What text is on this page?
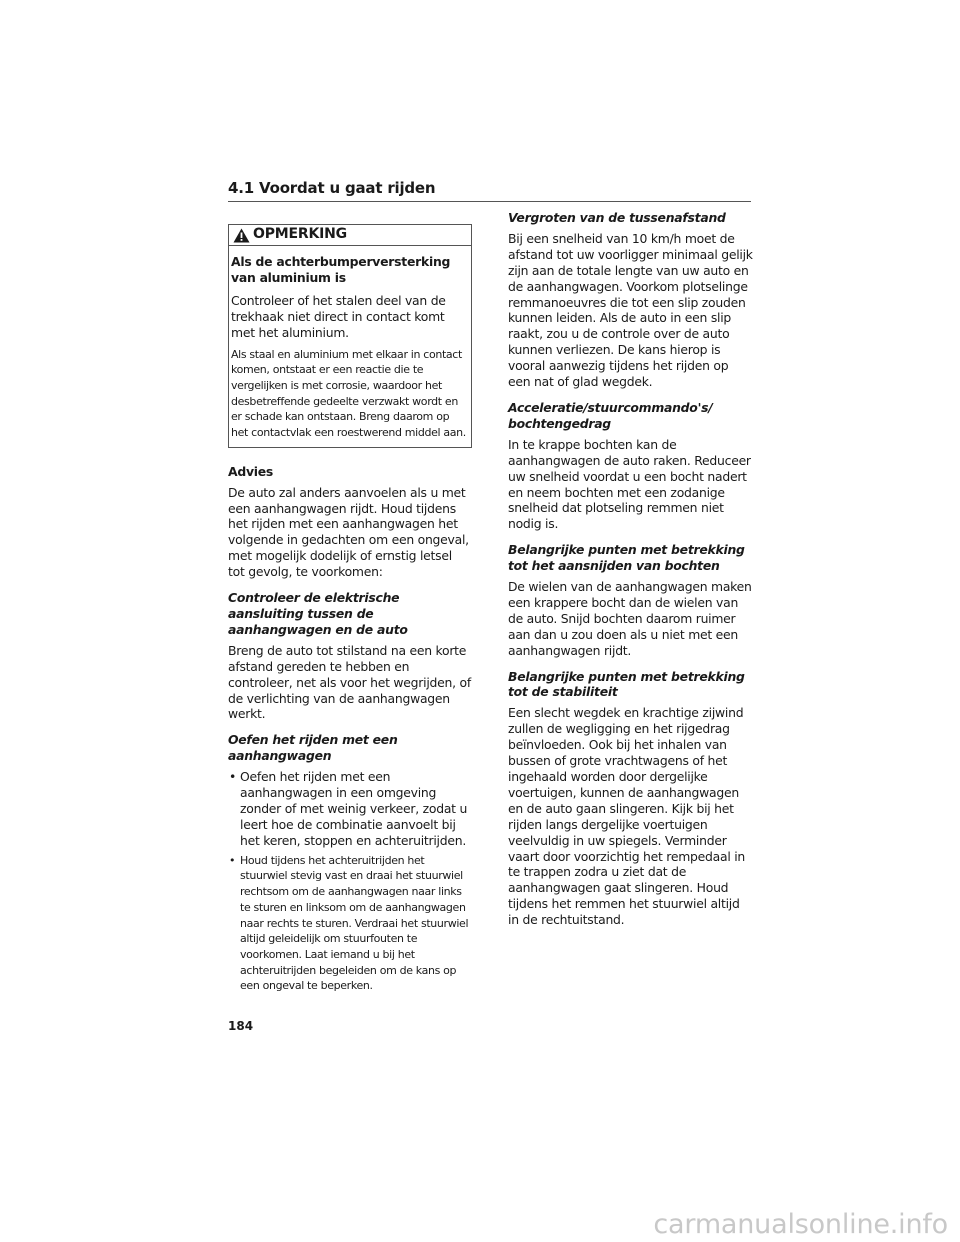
4.1 Voordat u gaat rijden
OPMERKING

Als de achterbumperversterking van aluminium is

Controleer of het stalen deel van de trekhaak niet direct in contact komt met het aluminium.

Als staal en aluminium met elkaar in contact komen, ontstaat er een reactie die te vergelijken is met corrosie, waardoor het desbetreffende gedeelte verzwakt wordt en er schade kan ontstaan. Breng daarom op het contactvlak een roestwerend middel aan.

Advies

De auto zal anders aanvoelen als u met een aanhangwagen rijdt. Houd tijdens het rijden met een aanhangwagen het volgende in gedachten om een ongeval, met mogelijk dodelijk of ernstig letsel tot gevolg, te voorkomen:

Controleer de elektrische aansluiting tussen de aanhangwagen en de auto

Breng de auto tot stilstand na een korte afstand gereden te hebben en controleer, net als voor het wegrijden, of de verlichting van de aanhangwagen werkt.

Oefen het rijden met een aanhangwagen
• Oefen het rijden met een aanhangwagen in een omgeving zonder of met weinig verkeer, zodat u leert hoe de combinatie aanvoelt bij het keren, stoppen en achteruitrijden.
• Houd tijdens het achteruitrijden het stuurwiel stevig vast en draai het stuurwiel rechtsom om de aanhangwagen naar links te sturen en linksom om de aanhangwagen naar rechts te sturen. Verdraai het stuurwiel altijd geleidelijk om stuurfouten te voorkomen. Laat iemand u bij het achteruitrijden begeleiden om de kans op een ongeval te beperken.
Vergroten van de tussenafstand

Bij een snelheid van 10 km/h moet de afstand tot uw voorligger minimaal gelijk zijn aan de totale lengte van uw auto en de aanhangwagen. Voorkom plotselinge remmanoeuvres die tot een slip zouden kunnen leiden. Als de auto in een slip raakt, zou u de controle over de auto kunnen verliezen. De kans hierop is vooral aanwezig tijdens het rijden op een nat of glad wegdek.

Acceleratie/stuurcommando's/ bochtengedrag

In te krappe bochten kan de aanhangwagen de auto raken. Reduceer uw snelheid voordat u een bocht nadert en neem bochten met een zodanige snelheid dat plotseling remmen niet nodig is.

Belangrijke punten met betrekking tot het aansnijden van bochten

De wielen van de aanhangwagen maken een krappere bocht dan de wielen van de auto. Snijd bochten daarom ruimer aan dan u zou doen als u niet met een aanhangwagen rijdt.

Belangrijke punten met betrekking tot de stabiliteit

Een slecht wegdek en krachtige zijwind zullen de wegligging en het rijgedrag beïnvloeden. Ook bij het inhalen van bussen of grote vrachtwagens of het ingehaald worden door dergelijke voertuigen, kunnen de aanhangwagen en de auto gaan slingeren. Kijk bij het rijden langs dergelijke voertuigen veelvuldig in uw spiegels. Verminder vaart door voorzichtig het rempedaal in te trappen zodra u ziet dat de aanhangwagen gaat slingeren. Houd tijdens het remmen het stuurwiel altijd in de rechtuitstand.

184
carmanualsonline.info
